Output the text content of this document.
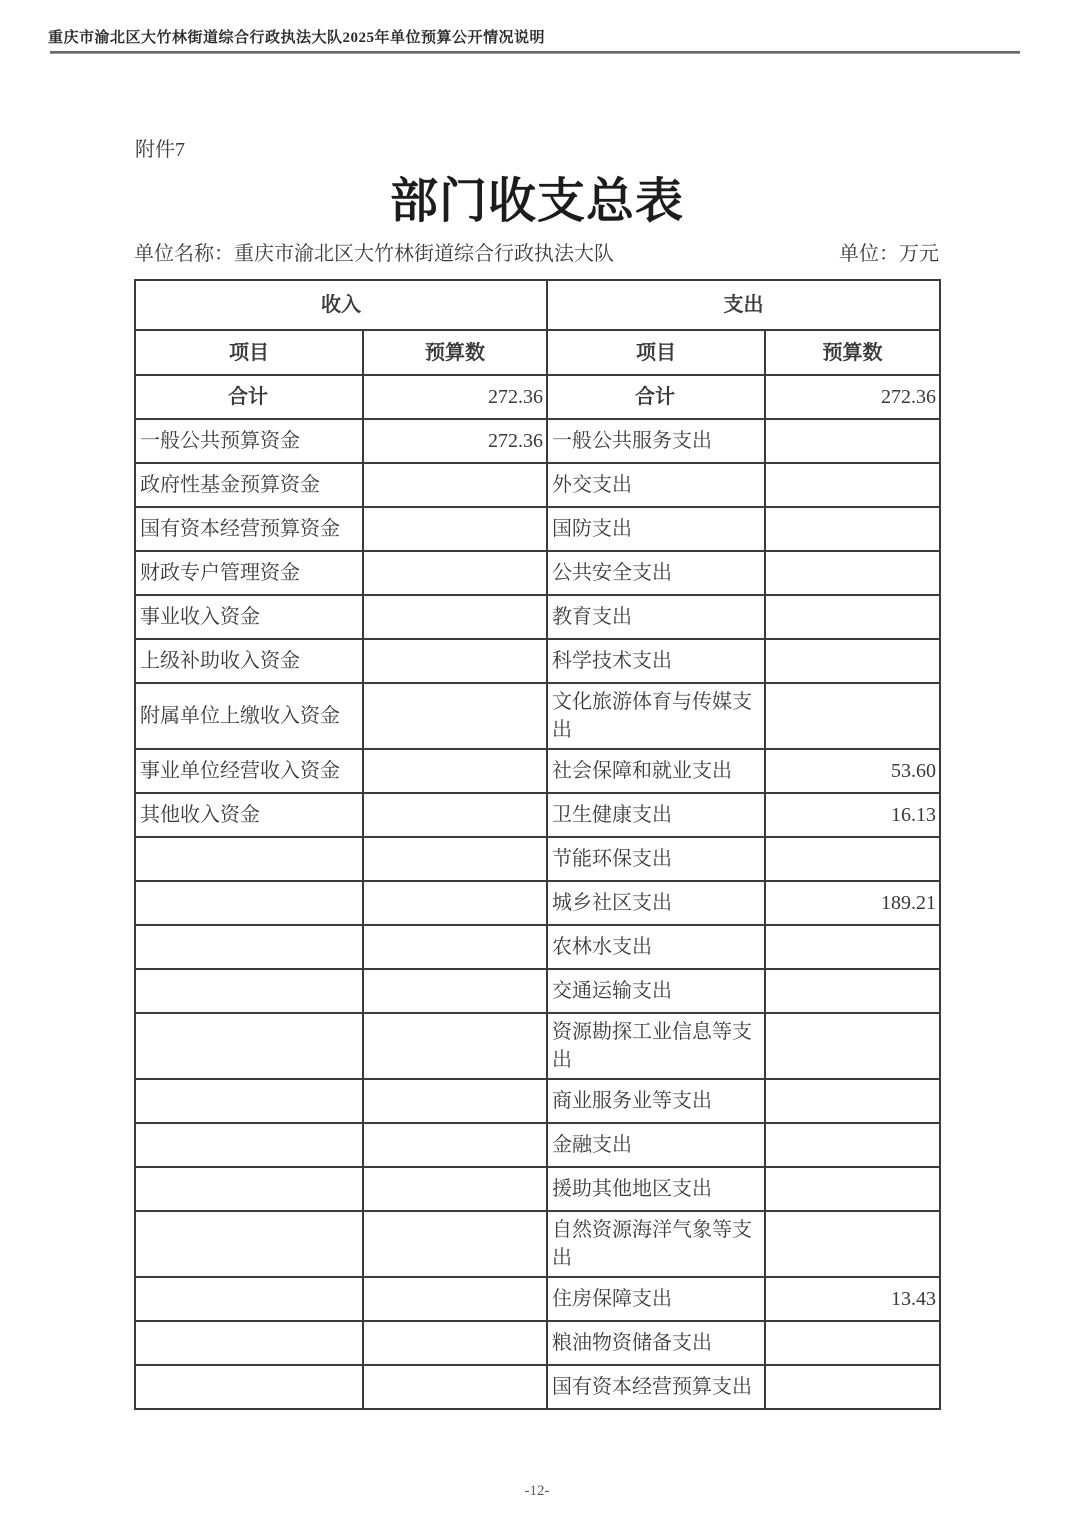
重庆市渝北区大竹林街道综合行政执法大队2025年单位预算公开情况说明
附件7
部门收支总表
单位名称：重庆市渝北区大竹林街道综合行政执法大队	单位：万元
收入		支出	
项目	预算数	项目	预算数
合计	272.36	合计	272.36
一般公共预算资金	272.36	一般公共服务支出	
政府性基金预算资金		外交支出	
国有资本经营预算资金		国防支出	
财政专户管理资金		公共安全支出	
事业收入资金		教育支出	
上级补助收入资金		科学技术支出	
附属单位上缴收入资金		文化旅游体育与传媒支出	
事业单位经营收入资金		社会保障和就业支出	53.60
其他收入资金		卫生健康支出	16.13
		节能环保支出	
		城乡社区支出	189.21
		农林水支出	
		交通运输支出	
		资源勘探工业信息等支出	
		商业服务业等支出	
		金融支出	
		援助其他地区支出	
		自然资源海洋气象等支出	
		住房保障支出	13.43
		粮油物资储备支出	
		国有资本经营预算支出	
-12-
